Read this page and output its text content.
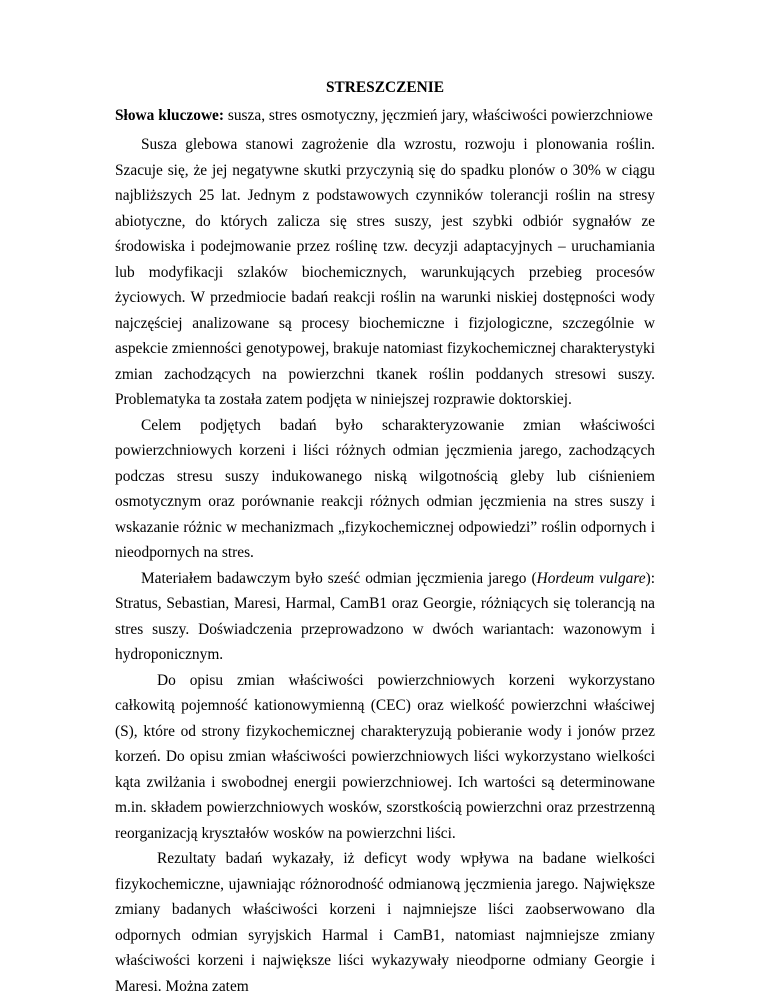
STRESZCZENIE
Słowa kluczowe: susza, stres osmotyczny, jęczmień jary, właściwości powierzchniowe

Susza glebowa stanowi zagrożenie dla wzrostu, rozwoju i plonowania roślin. Szacuje się, że jej negatywne skutki przyczynią się do spadku plonów o 30% w ciągu najbliższych 25 lat. Jednym z podstawowych czynników tolerancji roślin na stresy abiotyczne, do których zalicza się stres suszy, jest szybki odbiór sygnałów ze środowiska i podejmowanie przez roślinę tzw. decyzji adaptacyjnych – uruchamiania lub modyfikacji szlaków biochemicznych, warunkujących przebieg procesów życiowych. W przedmiocie badań reakcji roślin na warunki niskiej dostępności wody najczęściej analizowane są procesy biochemiczne i fizjologiczne, szczególnie w aspekcie zmienności genotypowej, brakuje natomiast fizykochemicznej charakterystyki zmian zachodzących na powierzchni tkanek roślin poddanych stresowi suszy. Problematyka ta została zatem podjęta w niniejszej rozprawie doktorskiej.

Celem podjętych badań było scharakteryzowanie zmian właściwości powierzchniowych korzeni i liści różnych odmian jęczmienia jarego, zachodzących podczas stresu suszy indukowanego niską wilgotnością gleby lub ciśnieniem osmotycznym oraz porównanie reakcji różnych odmian jęczmienia na stres suszy i wskazanie różnic w mechanizmach „fizykochemicznej odpowiedzi” roślin odpornych i nieodpornych na stres.

Materiałem badawczym było sześć odmian jęczmienia jarego (Hordeum vulgare): Stratus, Sebastian, Maresi, Harmal, CamB1 oraz Georgie, różniących się tolerancją na stres suszy. Doświadczenia przeprowadzono w dwóch wariantach: wazonowym i hydroponicznym.

Do opisu zmian właściwości powierzchniowych korzeni wykorzystano całkowitą pojemność kationowymienną (CEC) oraz wielkość powierzchni właściwej (S), które od strony fizykochemicznej charakteryzują pobieranie wody i jonów przez korzeń. Do opisu zmian właściwości powierzchniowych liści wykorzystano wielkości kąta zwilżania i swobodnej energii powierzchniowej. Ich wartości są determinowane m.in. składem powierzchniowych wosków, szorstkością powierzchni oraz przestrzenną reorganizacją kryształów wosków na powierzchni liści.

Rezultaty badań wykazały, iż deficyt wody wpływa na badane wielkości fizykochemiczne, ujawniając różnorodność odmianową jęczmienia jarego. Największe zmiany badanych właściwości korzeni i najmniejsze liści zaobserwowano dla odpornych odmian syryjskich Harmal i CamB1, natomiast najmniejsze zmiany właściwości korzeni i największe liści wykazywały nieodporne odmiany Georgie i Maresi. Można zatem
